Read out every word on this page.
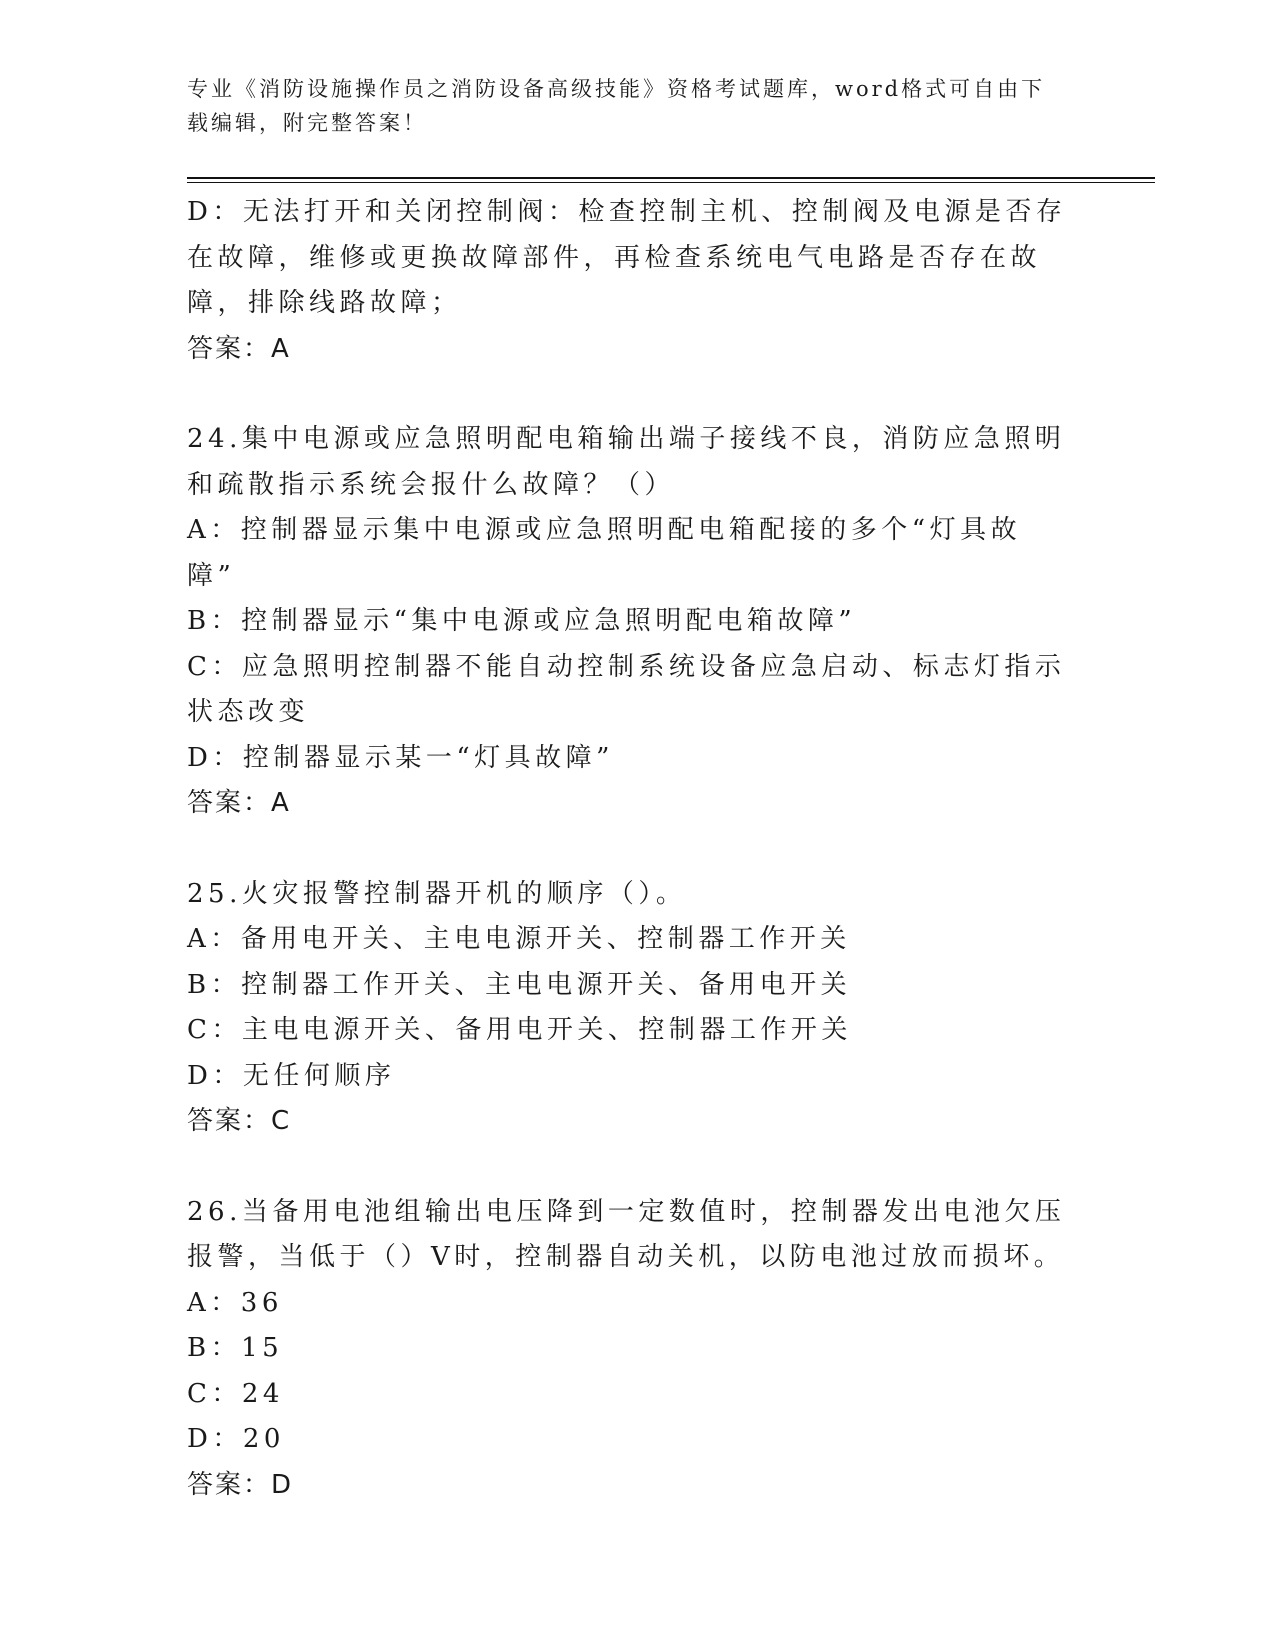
专业《消防设施操作员之消防设备高级技能》资格考试题库，word格式可自由下载编辑，附完整答案！

D：无法打开和关闭控制阀：检查控制主机、控制阀及电源是否存在故障，维修或更换故障部件，再检查系统电气电路是否存在故障，排除线路故障；

答案：A

24.集中电源或应急照明配电箱输出端子接线不良，消防应急照明和疏散指示系统会报什么故障？（）

A：控制器显示集中电源或应急照明配电箱配接的多个“灯具故障”

B：控制器显示“集中电源或应急照明配电箱故障”

C：应急照明控制器不能自动控制系统设备应急启动、标志灯指示状态改变

D：控制器显示某一“灯具故障”

答案：A

25.火灾报警控制器开机的顺序（）。

A：备用电开关、主电电源开关、控制器工作开关

B：控制器工作开关、主电电源开关、备用电开关

C：主电电源开关、备用电开关、控制器工作开关

D：无任何顺序

答案：C

26.当备用电池组输出电压降到一定数值时，控制器发出电池欠压报警，当低于（）V时，控制器自动关机，以防电池过放而损坏。

A：36

B：15

C：24

D：20

答案：D
